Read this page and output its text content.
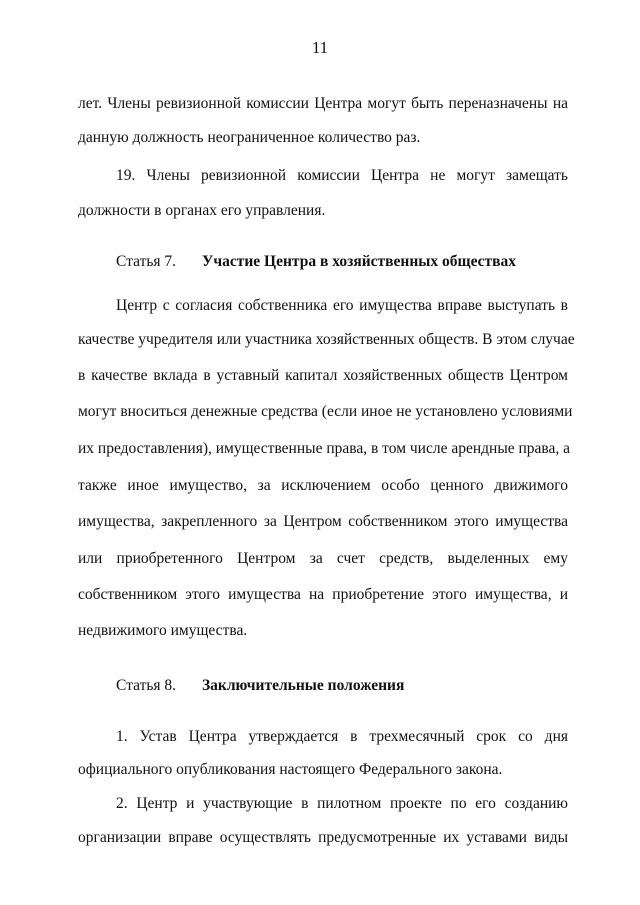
11
лет. Члены ревизионной комиссии Центра могут быть переназначены на
данную должность неограниченное количество раз.
19. Члены ревизионной комиссии Центра не могут замещать
должности в органах его управления.
Статья 7. Участие Центра в хозяйственных обществах
Центр с согласия собственника его имущества вправе выступать в
качестве учредителя или участника хозяйственных обществ. В этом случае
в качестве вклада в уставный капитал хозяйственных обществ Центром
могут вноситься денежные средства (если иное не установлено условиями
их предоставления), имущественные права, в том числе арендные права, а
также иное имущество, за исключением особо ценного движимого
имущества, закрепленного за Центром собственником этого имущества
или приобретенного Центром за счет средств, выделенных ему
собственником этого имущества на приобретение этого имущества, и
недвижимого имущества.
Статья 8. Заключительные положения
1. Устав Центра утверждается в трехмесячный срок со дня
официального опубликования настоящего Федерального закона.
2. Центр и участвующие в пилотном проекте по его созданию
организации вправе осуществлять предусмотренные их уставами виды
